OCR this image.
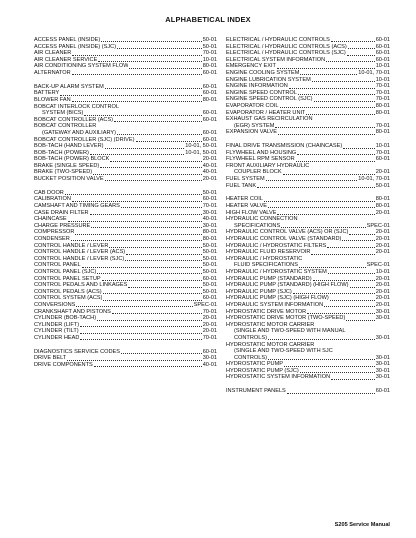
ALPHABETICAL INDEX
ACCESS PANEL (INSIDE)	50-01
ACCESS PANEL (INSIDE) (SJC)	50-01
AIR CLEANER	70-01
AIR CLEANER SERVICE	10-01
AIR CONDITIONING SYSTEM FLOW	80-01
ALTERNATOR	60-01
BACK-UP ALARM SYSTEM	60-01
BATTERY	60-01
BLOWER FAN	80-01
BOBCAT INTERLOCK CONTROL
SYSTEM (BICS)	60-01
BOBCAT CONTROLLER (ACS)	60-01
BOBCAT CONTROLLER
(GATEWAY AND AUXILIARY)	60-01
BOBCAT CONTROLLER (SJC) (DRIVE)	60-01
BOB-TACH (HAND LEVER)	10-01, 50-01
BOB-TACH (POWER)	10-01, 50-01
BOB-TACH (POWER) BLOCK	20-01
BRAKE (SINGLE SPEED)	40-01
BRAKE (TWO-SPEED)	40-01
BUCKET POSITION VALVE	20-01
CAB DOOR	50-01
CALIBRATION	60-01
CAMSHAFT AND TIMING GEARS	70-01
CASE DRAIN FILTER	30-01
CHAINCASE	40-01
CHARGE PRESSURE	30-01
COMPRESSOR	80-01
CONDENSER	80-01
CONTROL HANDLE / LEVER	50-01
CONTROL HANDLE / LEVER (ACS)	50-01
CONTROL HANDLE / LEVER (SJC)	50-01
CONTROL PANEL	50-01
CONTROL PANEL (SJC)	50-01
CONTROL PANEL SETUP	60-01
CONTROL PEDALS AND LINKAGES	50-01
CONTROL PEDALS (ACS)	50-01
CONTROL SYSTEM (ACS)	60-01
CONVERSIONS	SPEC-01
CRANKSHAFT AND PISTONS	70-01
CYLINDER (BOB-TACH)	20-01
CYLINDER (LIFT)	20-01
CYLINDER (TILT)	20-01
CYLINDER HEAD	70-01
DIAGNOSTICS SERVICE CODES	60-01
DRIVE BELT	30-01
DRIVE COMPONENTS	40-01
ELECTRICAL / HYDRAULIC CONTROLS	60-01
ELECTRICAL / HYDRAULIC CONTROLS (ACS)	60-01
ELECTRICAL / HYDRAULIC CONTROLS (SJC)	60-01
ELECTRICAL SYSTEM INFORMATION	60-01
EMERGENCY EXIT	10-01
ENGINE COOLING SYSTEM	10-01, 70-01
ENGINE LUBRICATION SYSTEM	10-01
ENGINE INFORMATION	70-01
ENGINE SPEED CONTROL	70-01
ENGINE SPEED CONTROL (SJC)	70-01
EVAPORATOR COIL	80-01
EVAPORATOR / HEATER UNIT	80-01
EXHAUST GAS RECIRCULATION
(EGR) SYSTEM	70-01
EXPANSION VALVE	80-01
FINAL DRIVE TRANSMISSION (CHAINCASE)	10-01
FLYWHEEL AND HOUSING	70-01
FLYWHEEL RPM SENSOR	60-01
FRONT AUXILIARY HYDRAULIC
COUPLER BLOCK	20-01
FUEL SYSTEM	10-01, 70-01
FUEL TANK	50-01
HEATER COIL	80-01
HEATER VALVE	80-01
HIGH FLOW VALVE	20-01
HYDRAULIC CONNECTION
SPECIFICATIONS	SPEC-01
HYDRAULIC CONTROL VALVE (ACS) OR (SJC)	20-01
HYDRAULIC CONTROL VALVE (STANDARD)	20-01
HYDRAULIC / HYDROSTATIC FILTERS	20-01
HYDRAULIC FLUID RESERVOIR	20-01
HYDRAULIC / HYDROSTATIC
FLUID SPECIFICATIONS	SPEC-01
HYDRAULIC / HYDROSTATIC SYSTEM	10-01
HYDRAULIC PUMP (STANDARD)	20-01
HYDRAULIC PUMP (STANDARD) (HIGH FLOW)	20-01
HYDRAULIC PUMP (SJC)	20-01
HYDRAULIC PUMP (SJC) (HIGH FLOW)	20-01
HYDRAULIC SYSTEM INFORMATION	20-01
HYDROSTATIC DRIVE MOTOR	30-01
HYDROSTATIC DRIVE MOTOR (TWO-SPEED)	30-01
HYDROSTATIC MOTOR CARRIER
(SINGLE AND TWO-SPEED WITH MANUAL
CONTROLS)	30-01
HYDROSTATIC MOTOR CARRIER
(SINGLE AND TWO-SPEED WITH SJC
CONTROLS)	30-01
HYDROSTATIC PUMP	30-01
HYDROSTATIC PUMP (SJC)	30-01
HYDROSTATIC SYSTEM INFORMATION	30-01
INSTRUMENT PANELS	60-01
S205 Service Manual
